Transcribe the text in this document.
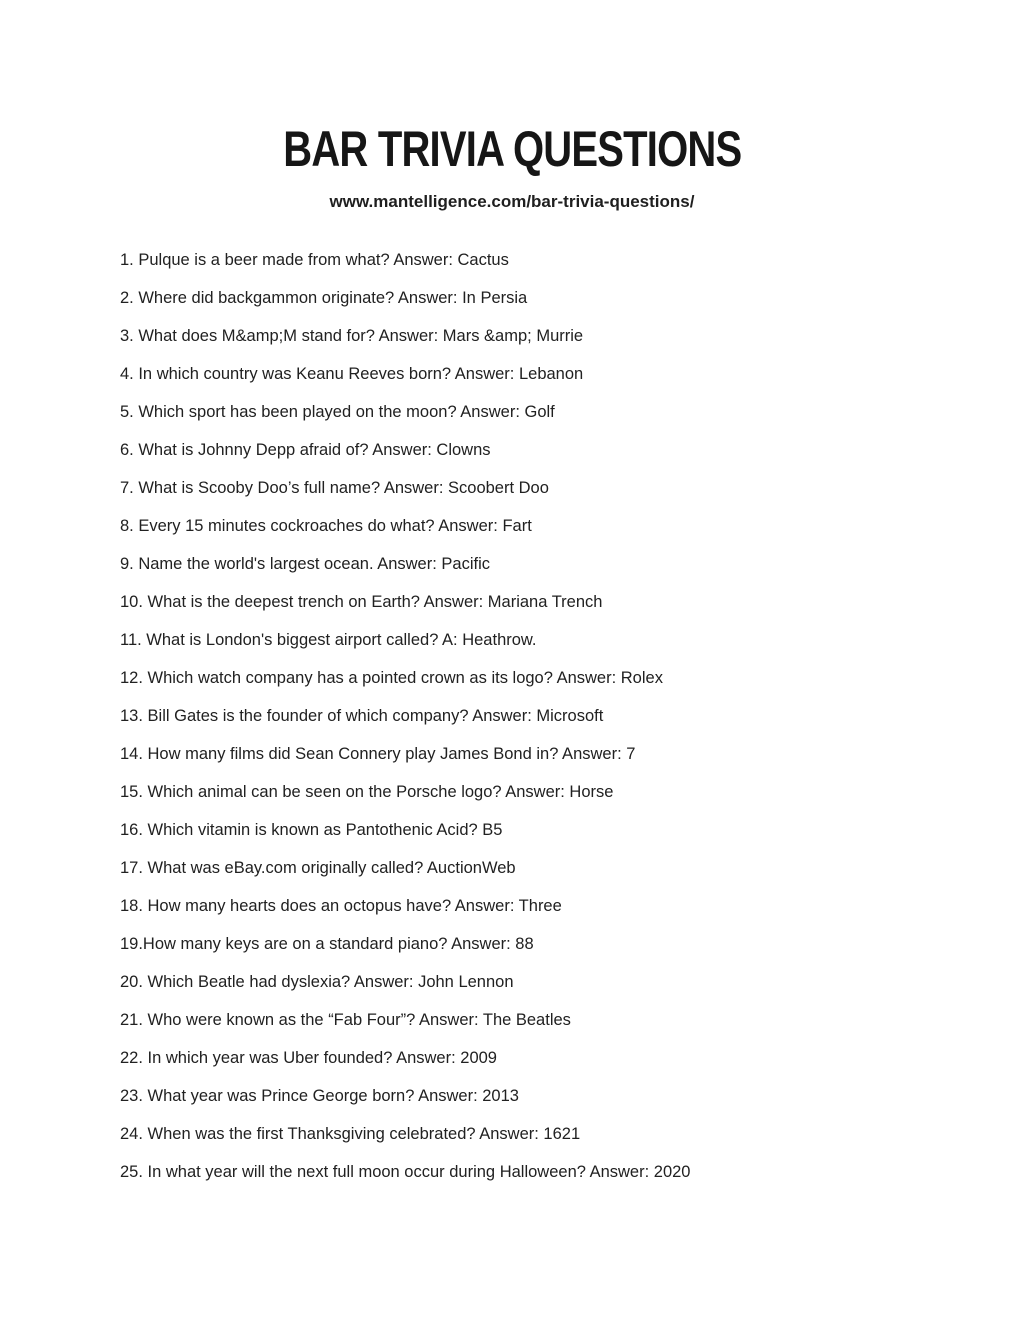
BAR TRIVIA QUESTIONS
www.mantelligence.com/bar-trivia-questions/

1. Pulque is a beer made from what? Answer: Cactus

2. Where did backgammon originate? Answer: In Persia

3. What does M&amp;M stand for? Answer: Mars &amp; Murrie

4. In which country was Keanu Reeves born? Answer: Lebanon

5. Which sport has been played on the moon? Answer: Golf

6. What is Johnny Depp afraid of? Answer: Clowns

7. What is Scooby Doo’s full name? Answer: Scoobert Doo

8. Every 15 minutes cockroaches do what? Answer: Fart

9. Name the world's largest ocean. Answer: Pacific

10. What is the deepest trench on Earth? Answer: Mariana Trench

11. What is London's biggest airport called? A: Heathrow.

12. Which watch company has a pointed crown as its logo? Answer: Rolex

13. Bill Gates is the founder of which company? Answer: Microsoft

14. How many films did Sean Connery play James Bond in? Answer: 7

15. Which animal can be seen on the Porsche logo? Answer: Horse

16. Which vitamin is known as Pantothenic Acid? B5

17. What was eBay.com originally called? AuctionWeb

18. How many hearts does an octopus have? Answer: Three

19.How many keys are on a standard piano? Answer: 88

20. Which Beatle had dyslexia? Answer: John Lennon

21. Who were known as the “Fab Four”? Answer: The Beatles

22. In which year was Uber founded? Answer: 2009

23. What year was Prince George born? Answer: 2013

24. When was the first Thanksgiving celebrated? Answer: 1621

25. In what year will the next full moon occur during Halloween? Answer: 2020
